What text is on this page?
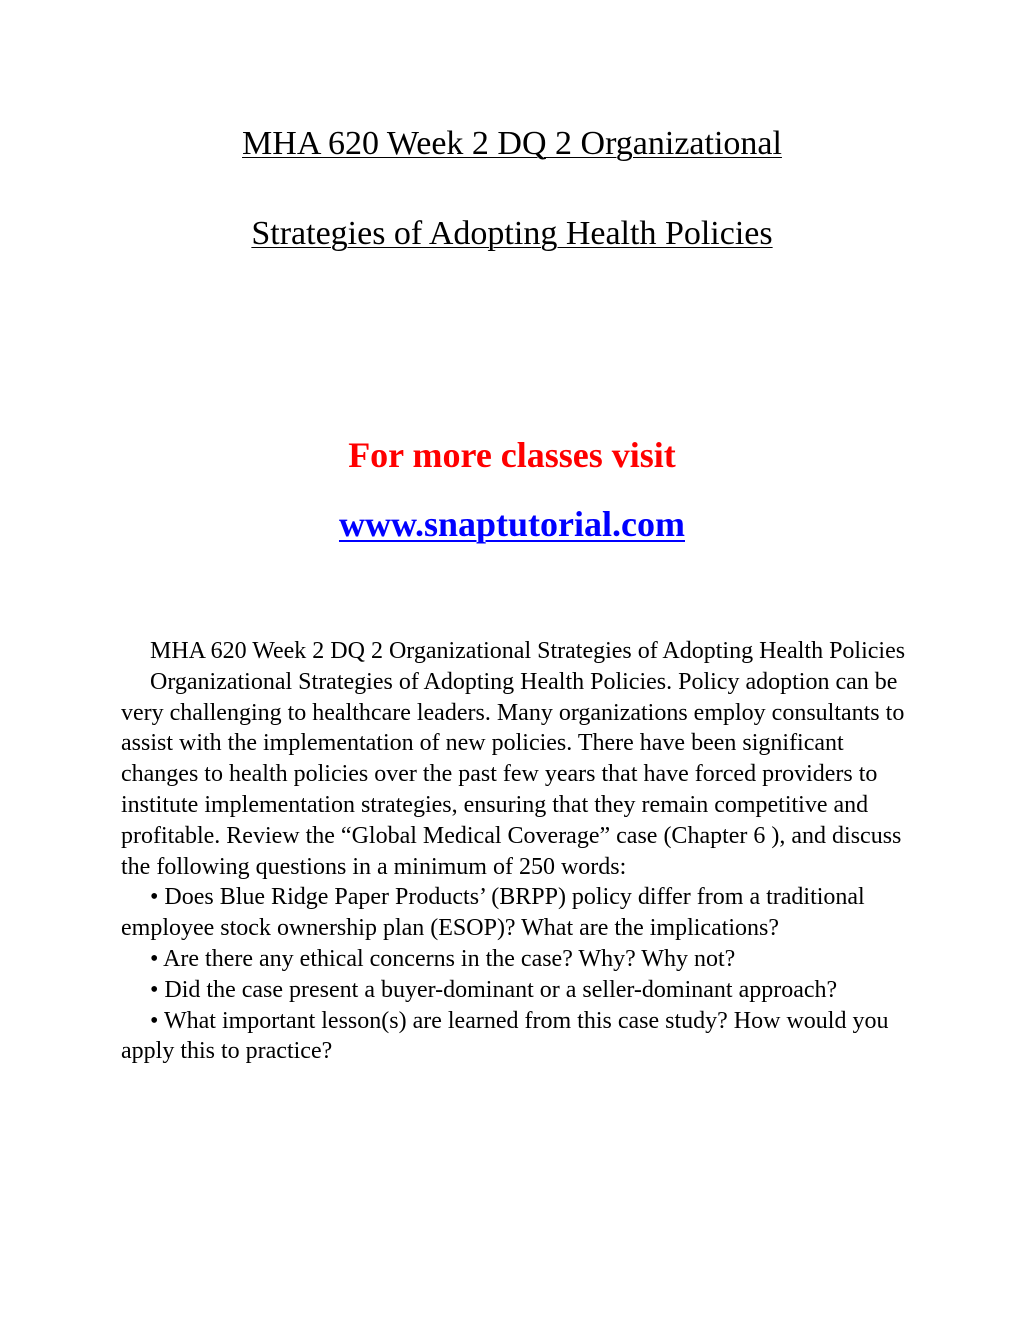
MHA 620 Week 2 DQ 2 Organizational
Strategies of Adopting Health Policies

For more classes visit

www.snaptutorial.com

MHA 620 Week 2 DQ 2 Organizational Strategies of Adopting Health Policies

Organizational Strategies of Adopting Health Policies. Policy adoption can be very challenging to healthcare leaders. Many organizations employ consultants to assist with the implementation of new policies. There have been significant changes to health policies over the past few years that have forced providers to institute implementation strategies, ensuring that they remain competitive and profitable. Review the “Global Medical Coverage” case (Chapter 6 ), and discuss the following questions in a minimum of 250 words:

• Does Blue Ridge Paper Products’ (BRPP) policy differ from a traditional employee stock ownership plan (ESOP)? What are the implications?

• Are there any ethical concerns in the case? Why? Why not?

• Did the case present a buyer-dominant or a seller-dominant approach?

• What important lesson(s) are learned from this case study? How would you apply this to practice?
